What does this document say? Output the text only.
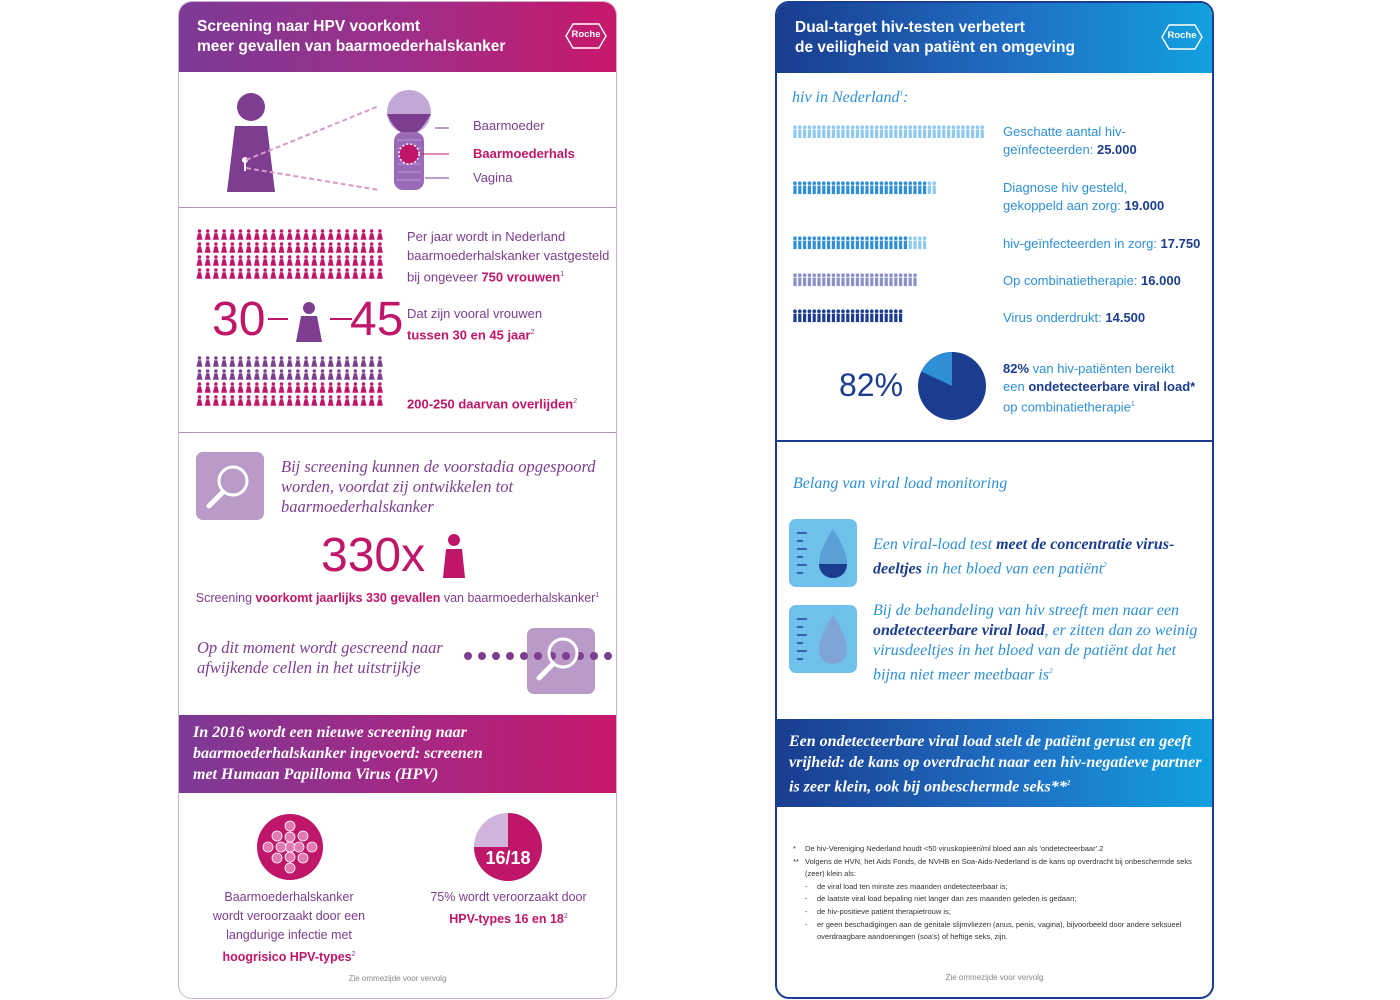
Screening naar HPV voorkomt
meer gevallen van baarmoederhalskanker
Roche
Baarmoeder
Baarmoederhals
Vagina
Per jaar wordt in Nederland
baarmoederhalskanker vastgesteld
bij ongeveer 750 vrouwen$^1$
30 45 Dat zijn vooral vrouwen
tussen 30 en 45 jaar$^2$
200-250 daarvan overlijden$^2$
Bij screening kunnen de voorstadia opgespoord worden, voordat zij ontwikkelen tot baarmoederhalskanker
330x
Screening voorkomt jaarlijks 330 gevallen van baarmoederhalskanker$^1$
Op dit moment wordt gescreend naar afwijkende cellen in het uitstrijkje
In 2016 wordt een nieuwe screening naar baarmoederhalskanker ingevoerd: screenen met Humaan Papilloma Virus (HPV)
Baarmoederhalskanker
wordt veroorzaakt door een
langdurige infectie met
hoogrisico HPV-types$^2$
16/18
75% wordt veroorzaakt door
HPV-types 16 en $18^2$
Zie ommezijde voor vervolg
Dual-target hiv-testen verbetert
de veiligheid van patiënt en omgeving
Roche
hiv in Nederland$^1$:
Geschatte aantal hiv-
geïnfecteerden: 25.000
Diagnose hiv gesteld,
gekoppeld aan zorg: 19.000
hiv-geïnfecteerden in zorg: 17.750
Op combinatietherapie: 16.000
Virus onderdrukt: 14.500
82%	82% van hiv-patiënten bereikt
een ondetecteerbare viral load*
op combinatietherapie$^1$
Belang van viral load monitoring
Een viral-load test meet de concentratie virus-deeltjes in het bloed van een patiënt$^2$
Bij de behandeling van hiv streeft men naar een ondetecteerbare viral load, er zitten dan zo weinig virusdeeltjes in het bloed van de patiënt dat het bijna niet meer meetbaar $is^2$
Een ondetecteerbare viral load stelt de patiënt gerust en geeft vrijheid: de kans op overdracht naar een hiv-negatieve partner is zeer klein, ook bij onbeschermde seks**$^2$
*	De hiv-Vereniging Nederland houdt <50 viruskopieën/ml bloed aan als 'ondetecteerbaar'.2
** Volgens de HVN, het Aids Fonds, de NVHB en Soa-Aids-Nederland is de kans op overdracht bij onbeschermde seks (zeer) klein als:
-	de viral load ten minste zes maanden ondetecteerbaar is;
-	de laatste viral load bepaling niet langer dan zes maanden geleden is gedaan;
-	de hiv-positieve patiënt therapietrouw is;
-	er geen beschadigingen aan de genitale slijmvliezen (anus, penis, vagina), bijvoorbeeld door andere seksueel overdraagbare aandoeningen (soa's) of heftige seks, zijn.
Zie ommezijde voor vervolg
